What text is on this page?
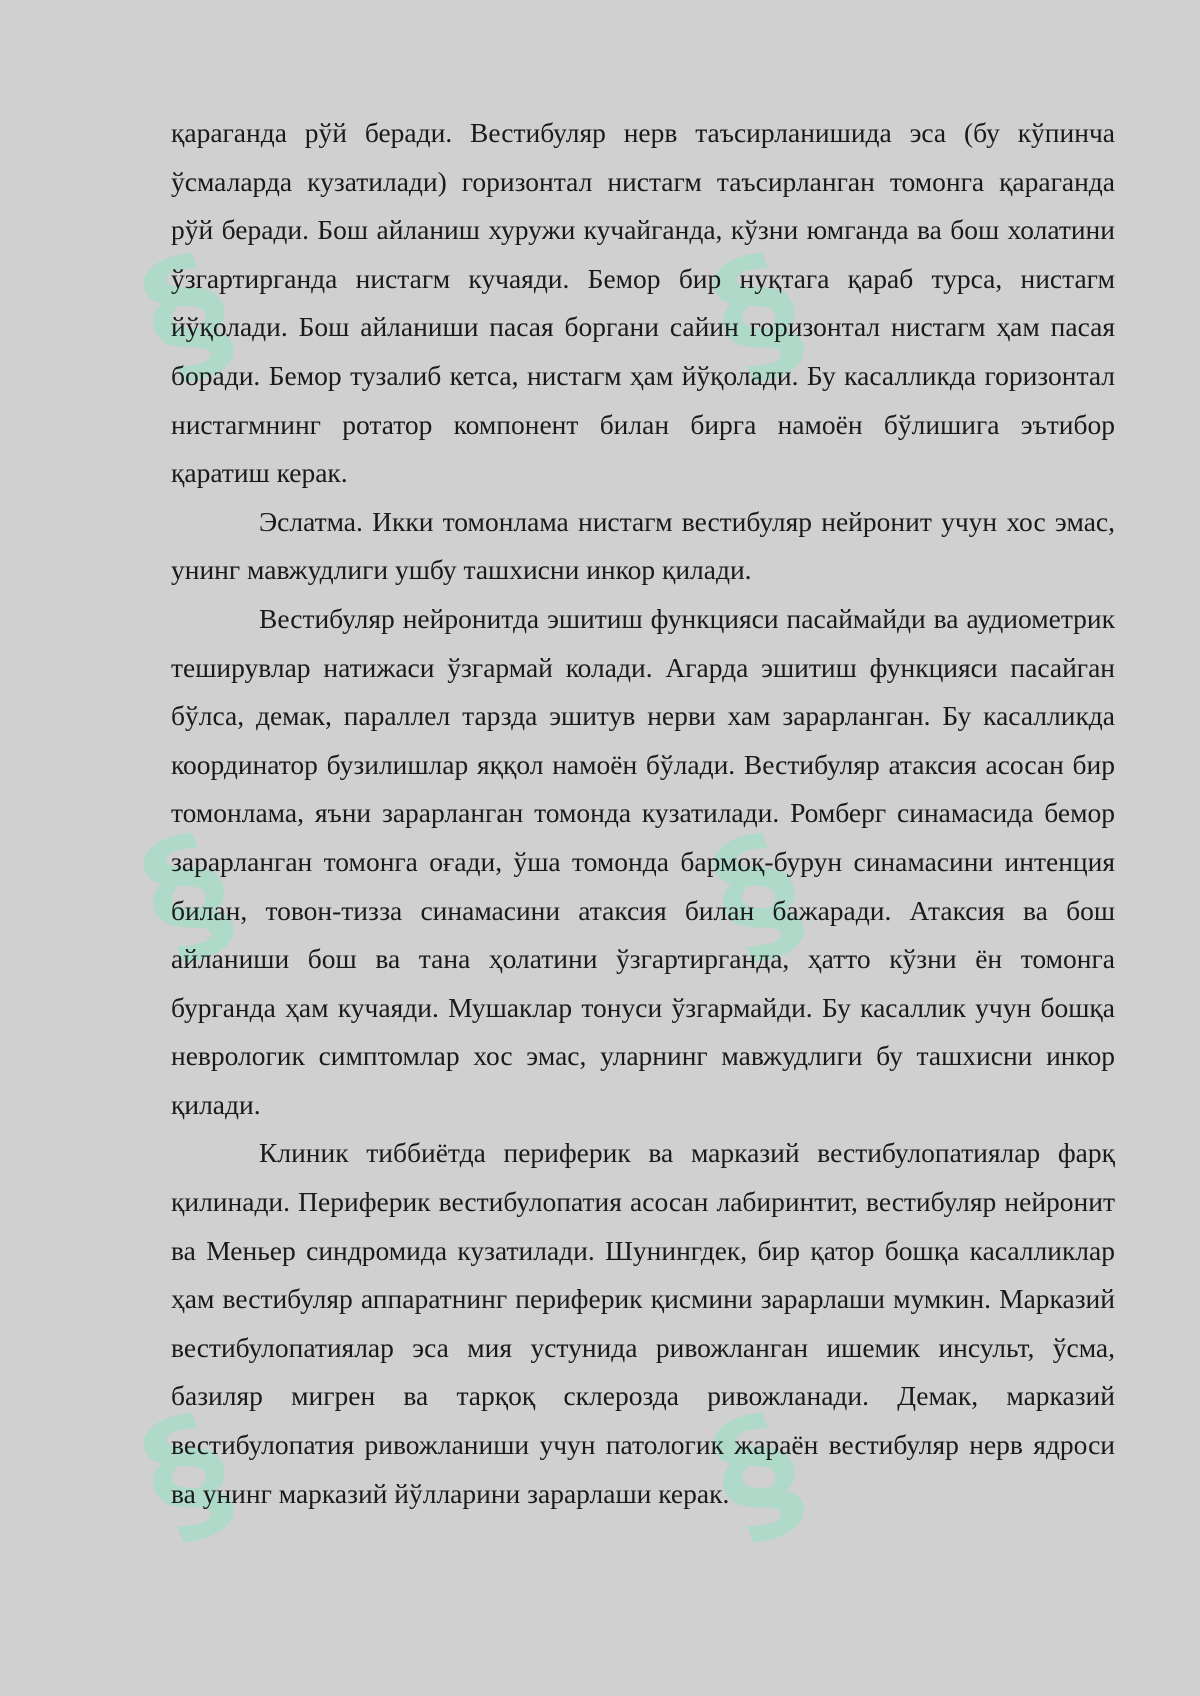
§	§
§	§
§	§

қараганда рўй беради. Вестибуляр нерв таъсирланишида эса (бу кўпинча ўсмаларда кузатилади) горизонтал нистагм таъсирланган томонга қараганда рўй беради. Бош айланиш хуружи кучайганда, кўзни юмганда ва бош холатини ўзгартирганда нистагм кучаяди. Бемор бир нуқтага қараб турса, нистагм йўқолади. Бош айланиши пасая боргани сайин горизонтал нистагм ҳам пасая боради. Бемор тузалиб кетса, нистагм ҳам йўқолади. Бу касалликда горизонтал нистагмнинг ротатор компонент билан бирга намоён бўлишига эътибор қаратиш керак.

Эслатма. Икки томонлама нистагм вестибуляр нейронит учун хос эмас, унинг мавжудлиги ушбу ташхисни инкор қилади.

Вестибуляр нейронитда эшитиш функцияси пасаймайди ва аудиометрик теширувлар натижаси ўзгармай колади. Агарда эшитиш функцияси пасайган бўлса, демак, параллел тарзда эшитув нерви хам зарарланган. Бу касалликда координатор бузилишлар яққол намоён бўлади. Вестибуляр атаксия асосан бир томонлама, яъни зарарланган томонда кузатилади. Ромберг синамасида бемор зарарланган томонга оғади, ўша томонда бармоқ-бурун синамасини интенция билан, товон-тизза синамасини атаксия билан бажаради. Атаксия ва бош айланиши бош ва тана ҳолатини ўзгартирганда, ҳатто кўзни ён томонга бурганда ҳам кучаяди. Мушаклар тонуси ўзгармайди. Бу касаллик учун бошқа неврологик симптомлар хос эмас, уларнинг мавжудлиги бу ташхисни инкор қилади.

Клиник тиббиётда периферик ва марказий вестибулопатиялар фарқ қилинади. Периферик вестибулопатия асосан лабиринтит, вестибуляр нейронит ва Меньер синдромида кузатилади. Шунингдек, бир қатор бошқа касалликлар ҳам вестибуляр аппаратнинг периферик қисмини зарарлаши мумкин. Марказий вестибулопатиялар эса мия устунида ривожланган ишемик инсульт, ўсма, базиляр мигрен ва тарқоқ склерозда ривожланади. Демак, марказий вестибулопатия ривожланиши учун патологик жараён вестибуляр нерв ядроси ва унинг марказий йўлларини зарарлаши керак.
